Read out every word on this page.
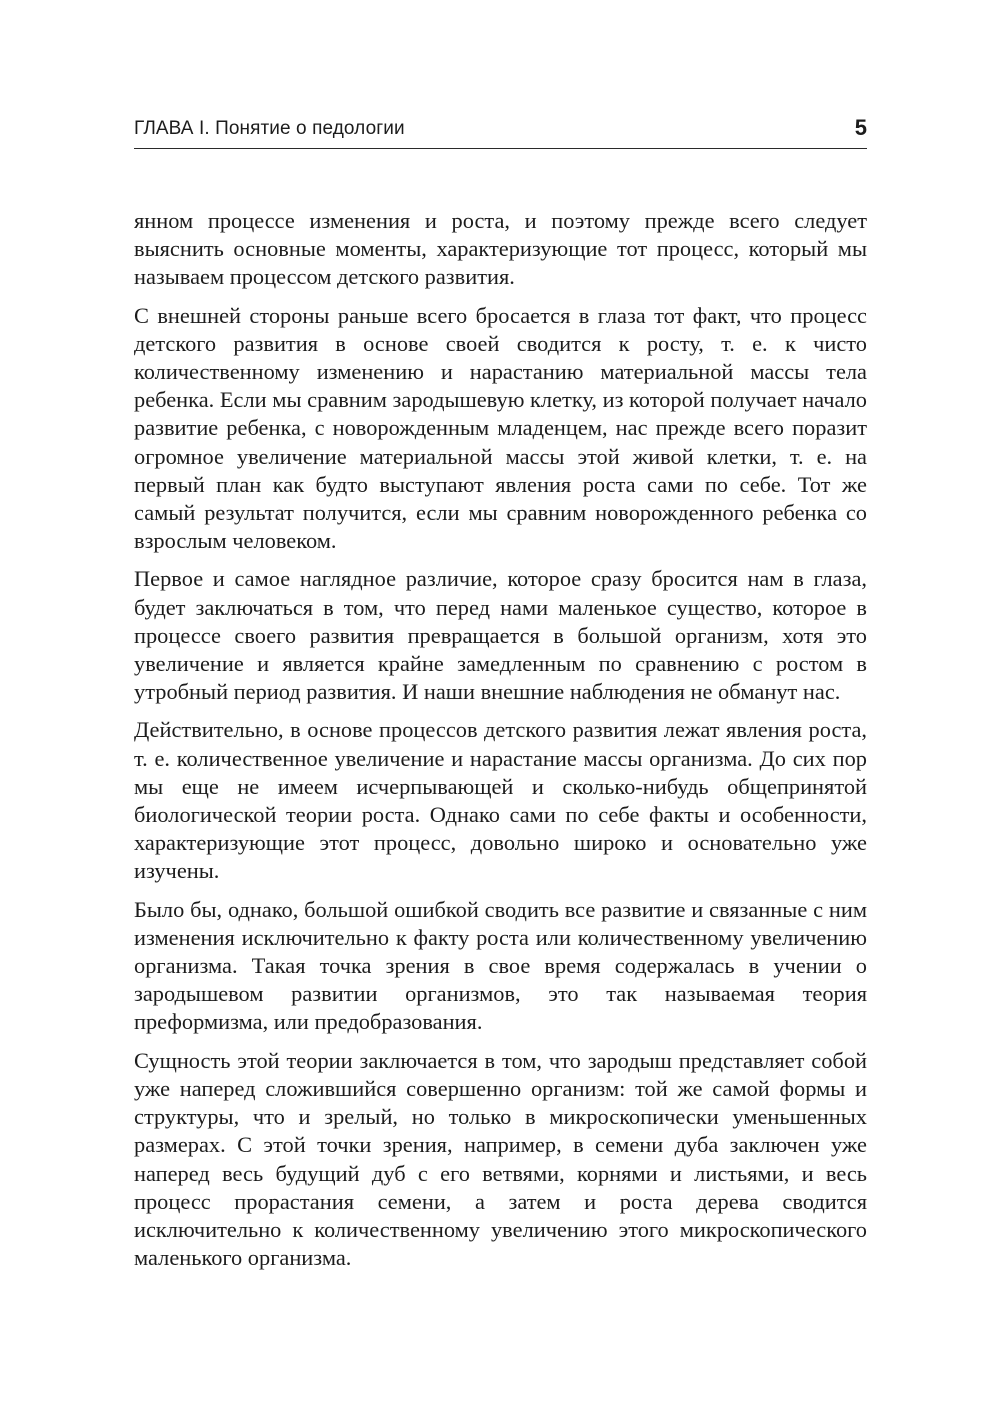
ГЛАВА I. Понятие о педологии	5

янном процессе изменения и роста, и поэтому прежде всего следует выяснить основные моменты, характеризующие тот процесс, который мы называем процессом детского развития.

С внешней стороны раньше всего бросается в глаза тот факт, что процесс детского развития в основе своей сводится к росту, т. е. к чисто количественному изменению и нарастанию материальной массы тела ребенка. Если мы сравним зародышевую клетку, из которой получает начало развитие ребенка, с новорожденным младенцем, нас прежде всего поразит огромное увеличение материальной массы этой живой клетки, т. е. на первый план как будто выступают явления роста сами по себе. Тот же самый результат получится, если мы сравним новорожденного ребенка со взрослым человеком.

Первое и самое наглядное различие, которое сразу бросится нам в глаза, будет заключаться в том, что перед нами маленькое существо, которое в процессе своего развития превращается в большой организм, хотя это увеличение и является крайне замедленным по сравнению с ростом в утробный период развития. И наши внешние наблюдения не обманут нас.

Действительно, в основе процессов детского развития лежат явления роста, т. е. количественное увеличение и нарастание массы организма. До сих пор мы еще не имеем исчерпывающей и сколько-нибудь общепринятой биологической теории роста. Однако сами по себе факты и особенности, характеризующие этот процесс, довольно широко и основательно уже изучены.

Было бы, однако, большой ошибкой сводить все развитие и связанные с ним изменения исключительно к факту роста или количественному увеличению организма. Такая точка зрения в свое время содержалась в учении о зародышевом развитии организмов, это так называемая теория преформизма, или предобразования.

Сущность этой теории заключается в том, что зародыш представляет собой уже наперед сложившийся совершенно организм: той же самой формы и структуры, что и зрелый, но только в микроскопически уменьшенных размерах. С этой точки зрения, например, в семени дуба заключен уже наперед весь будущий дуб с его ветвями, корнями и листьями, и весь процесс прорастания семени, а затем и роста дерева сводится исключительно к количественному увеличению этого микроскопического маленького организма.
